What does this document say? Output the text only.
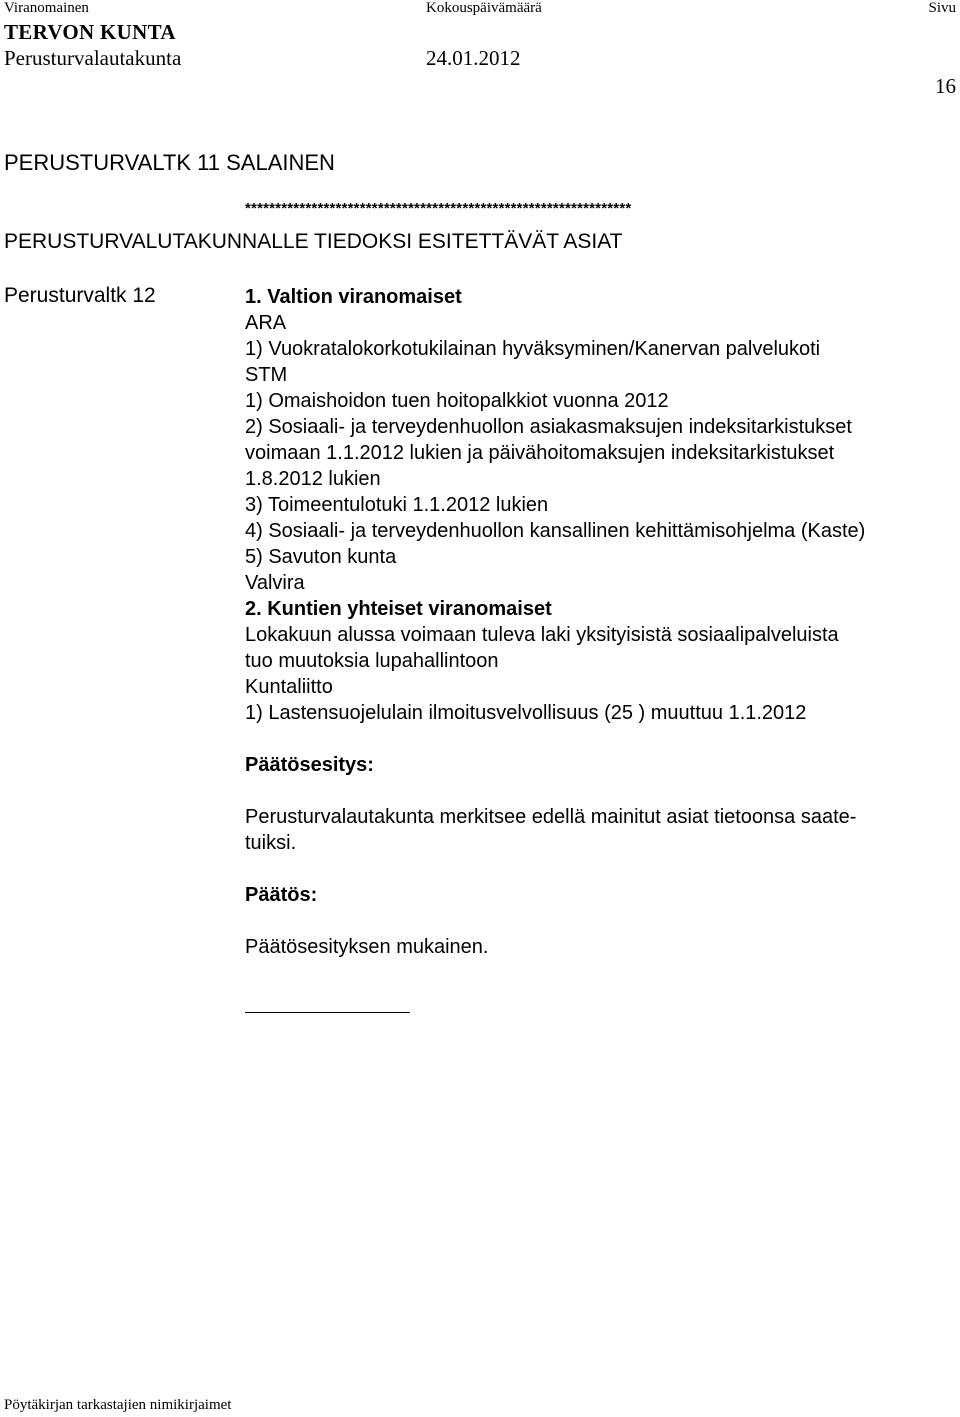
Viranomainen	Kokouspäivämäärä	Sivu
TERVON KUNTA
Perusturvalautakunta	24.01.2012
16
PERUSTURVALTK 11 SALAINEN
****************************************************************
PERUSTURVALUTAKUNNALLE TIEDOKSI ESITETTÄVÄT ASIAT
Perusturvaltk 12	1. Valtion viranomaiset
ARA
1) Vuokratalokorkotukilainan hyväksyminen/Kanervan palvelukoti
STM
1) Omaishoidon tuen hoitopalkkiot vuonna 2012
2) Sosiaali- ja terveydenhuollon asiakasmaksujen indeksitarkistukset
voimaan 1.1.2012 lukien ja päivähoitomaksujen indeksitarkistukset
1.8.2012 lukien
3) Toimeentulotuki 1.1.2012 lukien
4) Sosiaali- ja terveydenhuollon kansallinen kehittämisohjelma (Kaste)
5) Savuton kunta
Valvira
2. Kuntien yhteiset viranomaiset
Lokakuun alussa voimaan tuleva laki yksityisistä sosiaalipalveluista
tuo muutoksia lupahallintoon
Kuntaliitto
1) Lastensuojelulain ilmoitusvelvollisuus (25 ) muuttuu 1.1.2012
Päätösesitys:
Perusturvalautakunta merkitsee edellä mainitut asiat tietoonsa saate-
tuiksi.
Päätös:
Päätösesityksen mukainen.
Pöytäkirjan tarkastajien nimikirjaimet
